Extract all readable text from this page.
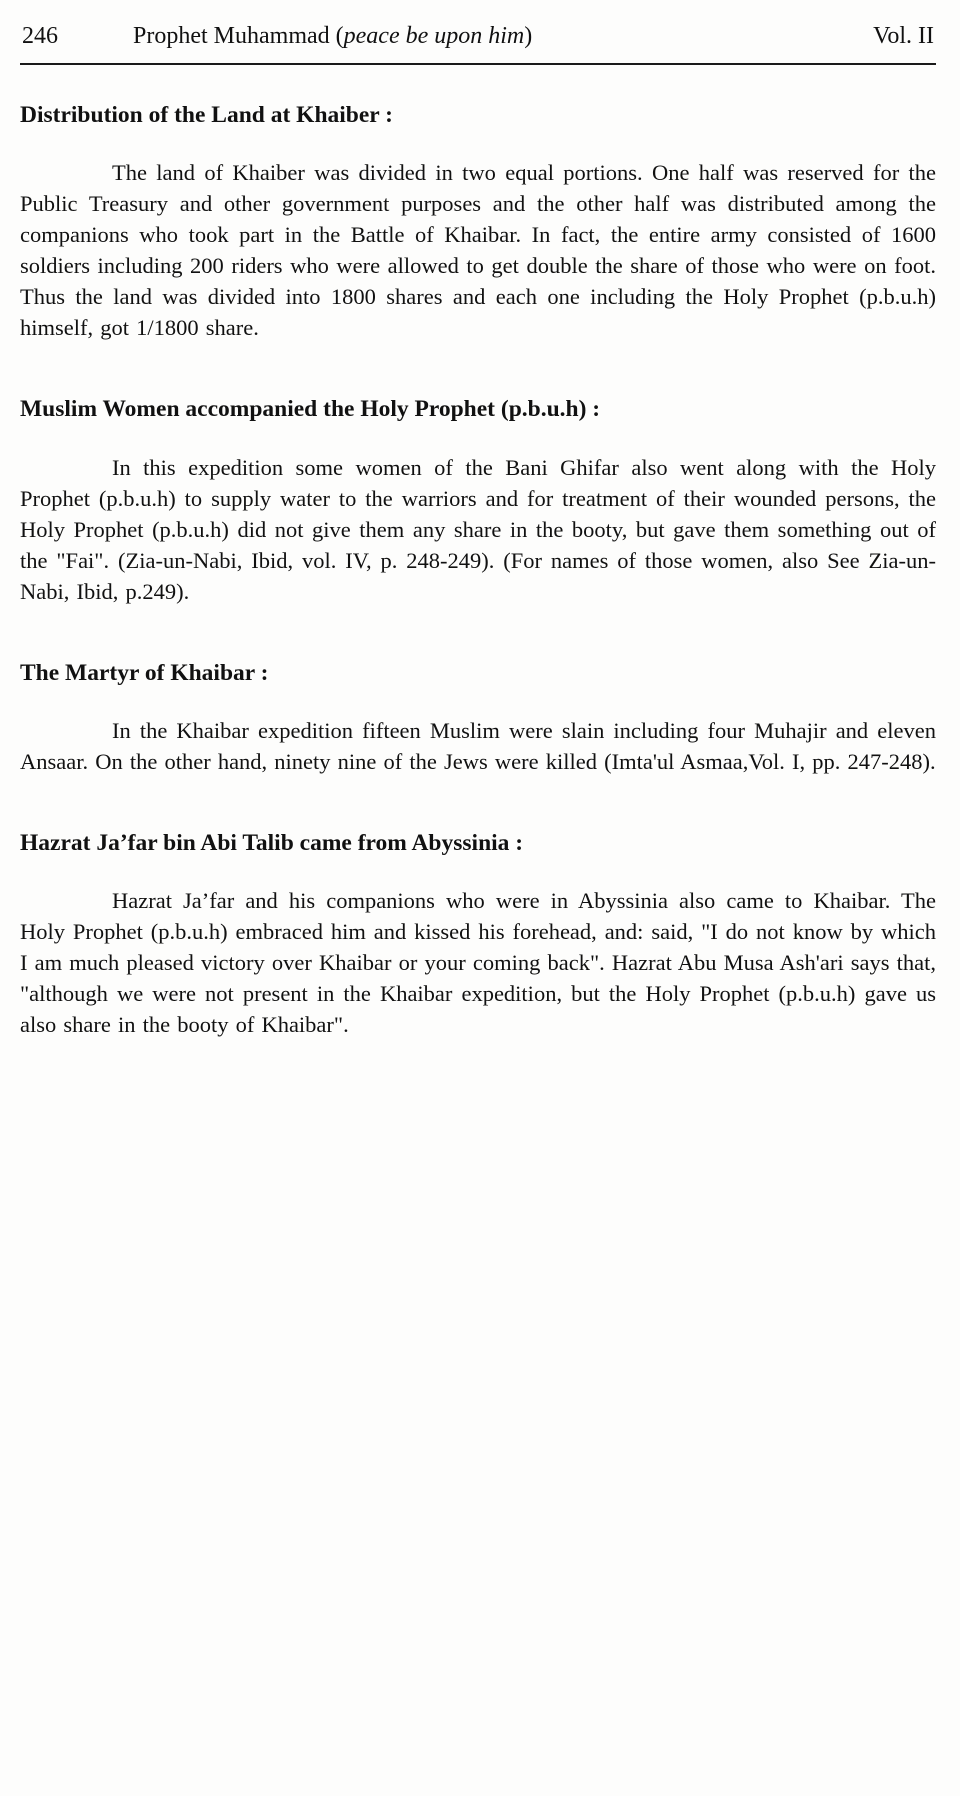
246	Prophet Muhammad (peace be upon him)	Vol. II
Distribution of the Land at Khaiber :

The land of Khaiber was divided in two equal portions. One half was reserved for the Public Treasury and other government purposes and the other half was distributed among the companions who took part in the Battle of Khaibar. In fact, the entire army consisted of 1600 soldiers including 200 riders who were allowed to get double the share of those who were on foot. Thus the land was divided into 1800 shares and each one including the Holy Prophet (p.b.u.h) himself, got 1/1800 share.

Muslim Women accompanied the Holy Prophet (p.b.u.h) :

In this expedition some women of the Bani Ghifar also went along with the Holy Prophet (p.b.u.h) to supply water to the warriors and for treatment of their wounded persons, the Holy Prophet (p.b.u.h) did not give them any share in the booty, but gave them something out of the "Fai". (Zia-un-Nabi, Ibid, vol. IV, p. 248-249). (For names of those women, also See Zia-un-Nabi, Ibid, p.249).

The Martyr of Khaibar :

In the Khaibar expedition fifteen Muslim were slain including four Muhajir and eleven Ansaar. On the other hand, ninety nine of the Jews were killed (Imta'ul Asmaa,Vol. I, pp. 247-248).

Hazrat Ja’far bin Abi Talib came from Abyssinia :

Hazrat Ja’far and his companions who were in Abyssinia also came to Khaibar. The Holy Prophet (p.b.u.h) embraced him and kissed his forehead, and: said, "I do not know by which I am much pleased victory over Khaibar or your coming back". Hazrat Abu Musa Ash'ari says that, "although we were not present in the Khaibar expedition, but the Holy Prophet (p.b.u.h) gave us also share in the booty of Khaibar".
